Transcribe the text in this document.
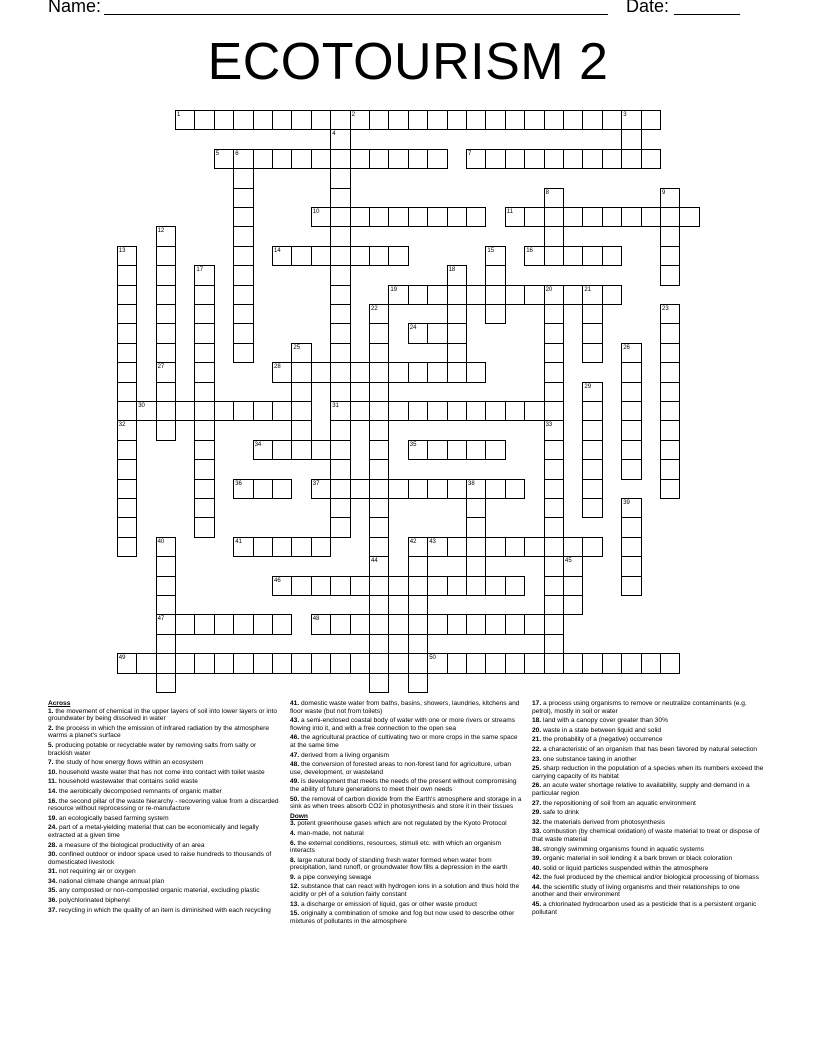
Name:	Date:
ECOTOURISM 2
1	2	3
4
5	6	7
8	9
10	11
12
13	14	15	16
17	18
19	20	21
22	23
24
25	26
27	28
29
30	31
32	33
34	35
36	37	38
39
40	41	42 43
44	45
46
47	48
49	50
Across
1. the movement of chemical in the upper layers of soil into lower layers or into groundwater by being dissolved in water
2. the process in which the emission of infrared radiation by the atmosphere warms a planet's surface
5. producing potable or recyclable water by removing salts from salty or brackish water
7. the study of how energy flows within an ecosystem
10. household waste water that has not come into contact with toilet waste
11. household wastewater that contains solid waste
14. the aerobically decomposed remnants of organic matter
16. the second pillar of the waste hierarchy - recovering value from a discarded resource without reprocessing or re-manufacture
19. an ecologically based farming system
24. part of a metal-yielding material that can be economically and legally extracted at a given time
28. a measure of the biological productivity of an area
30. confined outdoor or indoor space used to raise hundreds to thousands of domesticated livestock
31. not requiring air or oxygen
34. national climate change annual plan
35. any composted or non-composted organic material, excluding plastic
36. polychlorinated biphenyl
37. recycling in which the quality of an item is diminished with each recycling
41. domestic waste water from baths, basins, showers, laundries, kitchens and floor waste (but not from toilets)
43. a semi-enclosed coastal body of water with one or more rivers or streams flowing into it, and with a free connection to the open sea
46. the agricultural practice of cultivating two or more crops in the same space at the same time
47. derived from a living organism
48. the conversion of forested areas to non-forest land for agriculture, urban use, development, or wasteland
49. is development that meets the needs of the present without compromising the ability of future generations to meet their own needs
50. the removal of carbon dioxide from the Earth's atmosphere and storage in a sink as when trees absorb CO2 in photosynthesis and store it in their tissues
Down
3. potent greenhouse gases which are not regulated by the Kyoto Protocol
4. man-made, not natural
6. the external conditions, resources, stimuli etc. with which an organism interacts
8. large natural body of standing fresh water formed when water from precipitation, land runoff, or groundwater flow fills a depression in the earth
9. a pipe conveying sewage
12. substance that can react with hydrogen ions in a solution and thus hold the acidity or pH of a solution fairly constant
13. a discharge or emission of liquid, gas or other waste product
15. originally a combination of smoke and fog but now used to describe other mixtures of pollutants in the atmosphere
17. a process using organisms to remove or neutralize contaminants (e.g. petrol), mostly in soil or water
18. land with a canopy cover greater than 30%
20. waste in a state between liquid and solid
21. the probability of a (negative) occurrence
22. a characteristic of an organism that has been favored by natural selection
23. one substance taking in another
25. sharp reduction in the population of a species when its numbers exceed the carrying capacity of its habitat
26. an acute water shortage relative to availability, supply and demand in a particular region
27. the repositioning of soil from an aquatic environment
29. safe to drink
32. the materials derived from photosynthesis
33. combustion (by chemical oxidation) of waste material to treat or dispose of that waste material
38. strongly swimming organisms found in aquatic systems
39. organic material in soil lending it a bark brown or black coloration
40. solid or liquid particles suspended within the atmosphere
42. the fuel produced by the chemical and/or biological processing of biomass
44. the scientific study of living organisms and their relationships to one another and their environment
45. a chlorinated hydrocarbon used as a pesticide that is a persistent organic pollutant
